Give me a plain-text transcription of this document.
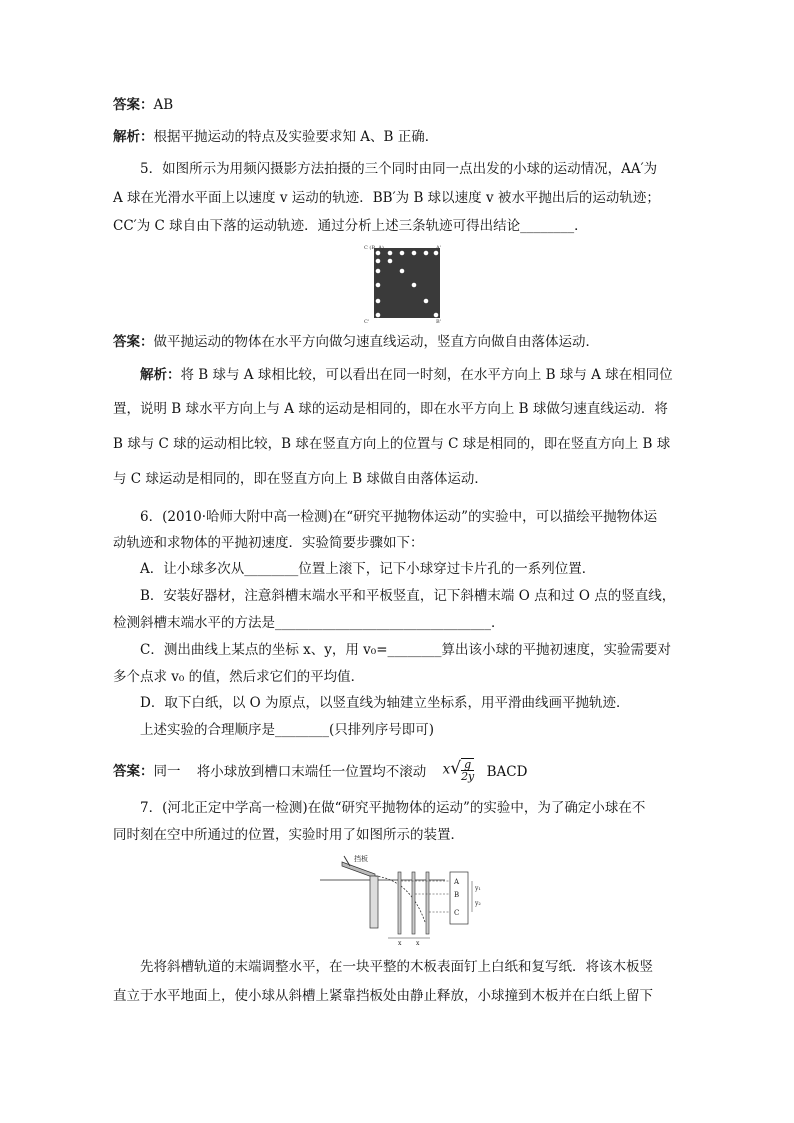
答案：AB
解析：根据平抛运动的特点及实验要求知 A、B 正确．
5．如图所示为用频闪摄影方法拍摄的三个同时由同一点出发的小球的运动情况，AA′为
A 球在光滑水平面上以速度 v 运动的轨迹．BB′为 B 球以速度 v 被水平抛出后的运动轨迹；
CC′为 C 球自由下落的运动轨迹．通过分析上述三条轨迹可得出结论________．
C (B, A)	A'
C'	B'
答案：做平抛运动的物体在水平方向做匀速直线运动，竖直方向做自由落体运动．
解析：将 B 球与 A 球相比较，可以看出在同一时刻，在水平方向上 B 球与 A 球在相同位
置，说明 B 球水平方向上与 A 球的运动是相同的，即在水平方向上 B 球做匀速直线运动．将
B 球与 C 球的运动相比较，B 球在竖直方向上的位置与 C 球是相同的，即在竖直方向上 B 球
与 C 球运动是相同的，即在竖直方向上 B 球做自由落体运动．
6．(2010·哈师大附中高一检测)在“研究平抛物体运动”的实验中，可以描绘平抛物体运
动轨迹和求物体的平抛初速度．实验简要步骤如下：
A．让小球多次从________位置上滚下，记下小球穿过卡片孔的一系列位置．
B．安装好器材，注意斜槽末端水平和平板竖直，记下斜槽末端 O 点和过 O 点的竖直线，
检测斜槽末端水平的方法是________________________________．
C．测出曲线上某点的坐标 x、y，用 v₀=________算出该小球的平抛初速度，实验需要对
多个点求 v₀ 的值，然后求它们的平均值．
D．取下白纸，以 O 为原点，以竖直线为轴建立坐标系，用平滑曲线画平抛轨迹．
上述实验的合理顺序是________(只排列序号即可)
答案：同一 将小球放到槽口末端任一位置均不滚动 $x√ \frac{g}{2y}$ BACD
7．(河北正定中学高一检测)在做“研究平抛物体的运动”的实验中，为了确定小球在不
同时刻在空中所通过的位置，实验时用了如图所示的装置．
挡板
A
B
C
y₁
y₂
x x
先将斜槽轨道的末端调整水平，在一块平整的木板表面钉上白纸和复写纸．将该木板竖
直立于水平地面上，使小球从斜槽上紧靠挡板处由静止释放，小球撞到木板并在白纸上留下
